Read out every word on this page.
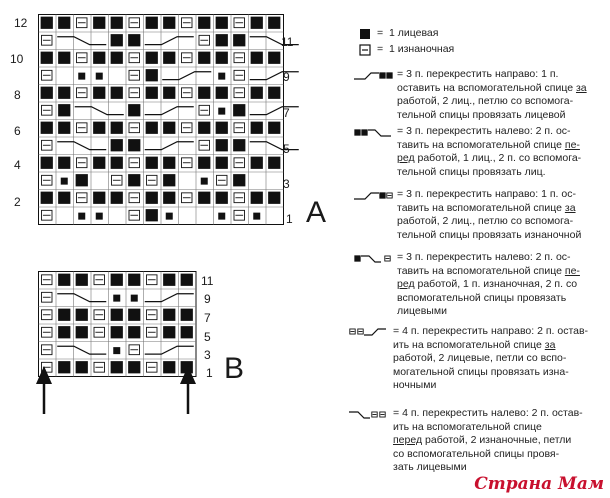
12
10
8
6
4
2
11
9
7
5
3
1 A
11
9
7
5
3
1 B
=  1 лицевая
=  1 изнаночная
= 3 п. перекрестить направо: 1 п.
оставить на вспомогательной спице за
работой, 2 лиц., петлю со вспомога-
тельной спицы провязать лицевой
= 3 п. перекрестить налево: 2 п. ос-
тавить на вспомогательной спице пе-
ред работой, 1 лиц., 2 п. со вспомога-
тельной спицы провязать лиц.
= 3 п. перекрестить направо: 1 п. ос-
тавить на вспомогательной спице за
работой, 2 лиц., петлю со вспомога-
тельной спицы провязать изнаночной
= 3 п. перекрестить налево: 2 п. ос-
тавить на вспомогательной спице пе-
ред работой, 1 п. изнаночная, 2 п. со
вспомогательной спицы провязать
лицевыми
= 4 п. перекрестить направо: 2 п. остав-
ить на вспомогательной спице за
работой, 2 лицевые, петли со вспо-
могательной спицы провязать изна-
ночными
= 4 п. перекрестить налево: 2 п. остав-
ить на вспомогательной спице
перед работой, 2 изнаночные, петли
со вспомогательной спицы провя-
зать лицевыми
Страна Мам
